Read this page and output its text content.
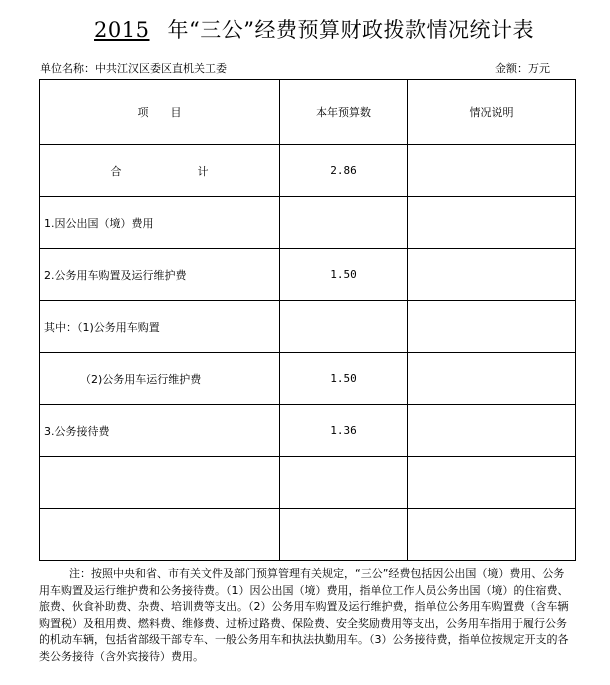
2015 年“三公”经费预算财政拨款情况统计表
单位名称：中共江汉区委区直机关工委	金额：万元
项　　目	本年预算数	情况说明
合　　计	2.86	
1.因公出国（境）费用		
2.公务用车购置及运行维护费	1.50	
其中：（1)公务用车购置		
（2)公务用车运行维护费	1.50	
3.公务接待费	1.36	

注：按照中央和省、市有关文件及部门预算管理有关规定，“三公”经费包括因公出国（境）费用、公务用车购置及运行维护费和公务接待费。（1）因公出国（境）费用，指单位工作人员公务出国（境）的住宿费、旅费、伙食补助费、杂费、培训费等支出。（2）公务用车购置及运行维护费，指单位公务用车购置费（含车辆购置税）及租用费、燃料费、维修费、过桥过路费、保险费、安全奖励费用等支出，公务用车指用于履行公务的机动车辆，包括省部级干部专车、一般公务用车和执法执勤用车。（3）公务接待费，指单位按规定开支的各类公务接待（含外宾接待）费用。
